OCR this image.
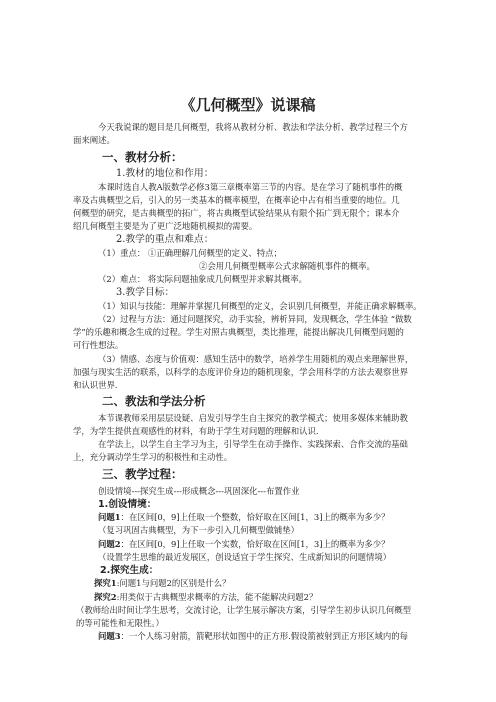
《几何概型》说课稿
今天我说课的题目是几何概型，我将从教材分析、教法和学法分析、教学过程三个方
面来阐述。
一、教材分析：
1.教材的地位和作用：
本课时选自人教A版数学必修3第三章概率第三节的内容。是在学习了随机事件的概
率及古典概型之后，引入的另一类基本的概率模型，在概率论中占有相当重要的地位。几
何概型的研究，是古典概型的拓广，将古典概型试验结果从有限个拓广到无限个；课本介
绍几何概型主要是为了更广泛地随机模拟的需要。
2.教学的重点和难点：
（1）重点： ①正确理解几何概型的定义、特点；
②会用几何概型概率公式求解随机事件的概率。
（2）难点： 将实际问题抽象成几何概型并求解其概率。
3.教学目标：
（1）知识与技能：理解并掌握几何概型的定义，会识别几何概型，并能正确求解概率。
（2）过程与方法：通过问题探究，动手实验，辨析异同，发现概念，学生体验 “做数
学”的乐趣和概念生成的过程。学生对照古典概型，类比推理，能提出解决几何概型问题的
可行性想法。
（3）情感、态度与价值观：感知生活中的数学，培养学生用随机的观点来理解世界，
加强与现实生活的联系，以科学的态度评价身边的随机现象，学会用科学的方法去观察世界
和认识世界.
二、教法和学法分析
本节课教师采用层层设疑、启发引导学生自主探究的教学模式；使用多媒体来辅助教
学，为学生提供直观感性的材料，有助于学生对问题的理解和认识.
在学法上，以学生自主学习为主，引导学生在动手操作、实践探索、合作交流的基础
上，充分调动学生学习的积极性和主动性。
三、教学过程：
创设情境---探究生成---形成概念---巩固深化---布置作业
1.创设情境：
问题1：在区间[0，9]上任取一个整数，恰好取在区间[1，3]上的概率为多少？
（复习巩固古典概型，为下一步引入几何概型做铺垫）
问题2：在区间[0，9]上任取一个实数，恰好取在区间[1，3]上的概率为多少？
（设置学生思维的最近发展区，创设适宜于学生探究、生成新知识的问题情境）
2.探究生成：
探究1:问题1与问题2的区别是什么？
探究2:用类似于古典概型求概率的方法，能不能解决问题2？
（教师给出时间让学生思考，交流讨论，让学生展示解决方案，引导学生初步认识几何概型
的等可能性和无限性。）
问题3：一个人练习射箭，箭靶形状如图中的正方形.假设箭被射到正方形区域内的每
